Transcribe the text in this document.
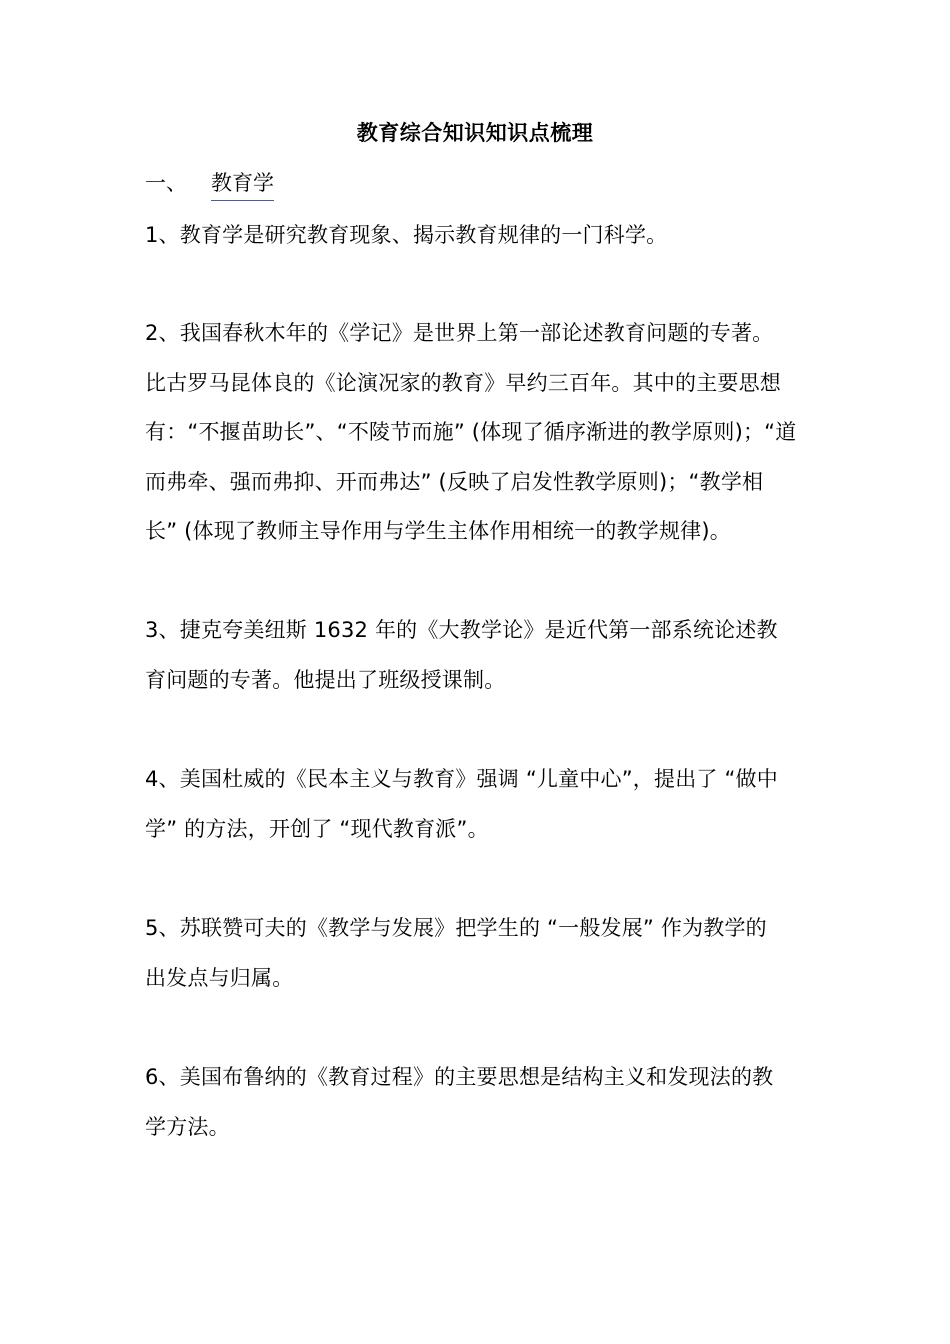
教育综合知识知识点梳理
一、 教育学

1、教育学是研究教育现象、揭示教育规律的一门科学。

2、我国春秋木年的《学记》是世界上第一部论述教育问题的专著。
比古罗马昆体良的《论演况家的教育》早约三百年。其中的主要思想
有：“不揠苗助长”、“不陵节而施” (体现了循序渐进的教学原则)；“道
而弗牵、强而弗抑、开而弗达” (反映了启发性教学原则)；“教学相
长” (体现了教师主导作用与学生主体作用相统一的教学规律)。

3、捷克夸美纽斯 1632 年的《大教学论》是近代第一部系统论述教
育问题的专著。他提出了班级授课制。

4、美国杜威的《民本主义与教育》强调 “儿童中心”，提出了 “做中
学” 的方法，开创了 “现代教育派”。

5、苏联赞可夫的《教学与发展》把学生的 “一般发展” 作为教学的
出发点与归属。

6、美国布鲁纳的《教育过程》的主要思想是结构主义和发现法的教
学方法。
